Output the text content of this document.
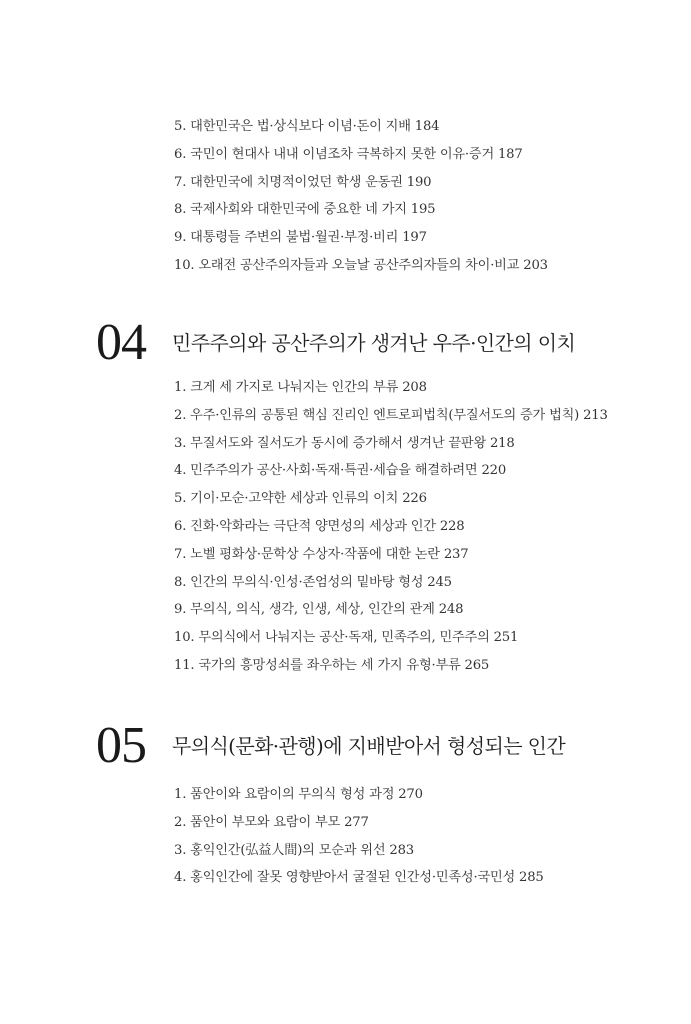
5. 대한민국은 법·상식보다 이념·돈이 지배 184
6. 국민이 현대사 내내 이념조차 극복하지 못한 이유·증거 187
7. 대한민국에 치명적이었던 학생 운동권 190
8. 국제사회와 대한민국에 중요한 네 가지 195
9. 대통령들 주변의 불법·월권·부정·비리 197
10. 오래전 공산주의자들과 오늘날 공산주의자들의 차이·비교 203
04	민주주의와 공산주의가 생겨난 우주·인간의 이치
1. 크게 세 가지로 나눠지는 인간의 부류 208
2. 우주·인류의 공통된 핵심 진리인 엔트로피법칙(무질서도의 증가 법칙) 213
3. 무질서도와 질서도가 동시에 증가해서 생겨난 끝판왕 218
4. 민주주의가 공산·사회·독재·특권·세습을 해결하려면 220
5. 기이·모순·고약한 세상과 인류의 이치 226
6. 진화·악화라는 극단적 양면성의 세상과 인간 228
7. 노벨 평화상·문학상 수상자·작품에 대한 논란 237
8. 인간의 무의식·인성·존엄성의 밑바탕 형성 245
9. 무의식, 의식, 생각, 인생, 세상, 인간의 관계 248
10. 무의식에서 나눠지는 공산·독재, 민족주의, 민주주의 251
11. 국가의 흥망성쇠를 좌우하는 세 가지 유형·부류 265
05	무의식(문화·관행)에 지배받아서 형성되는 인간
1. 품안이와 요람이의 무의식 형성 과정 270
2. 품안이 부모와 요람이 부모 277
3. 홍익인간(弘益人間)의 모순과 위선 283
4. 홍익인간에 잘못 영향받아서 굴절된 인간성·민족성·국민성 285
